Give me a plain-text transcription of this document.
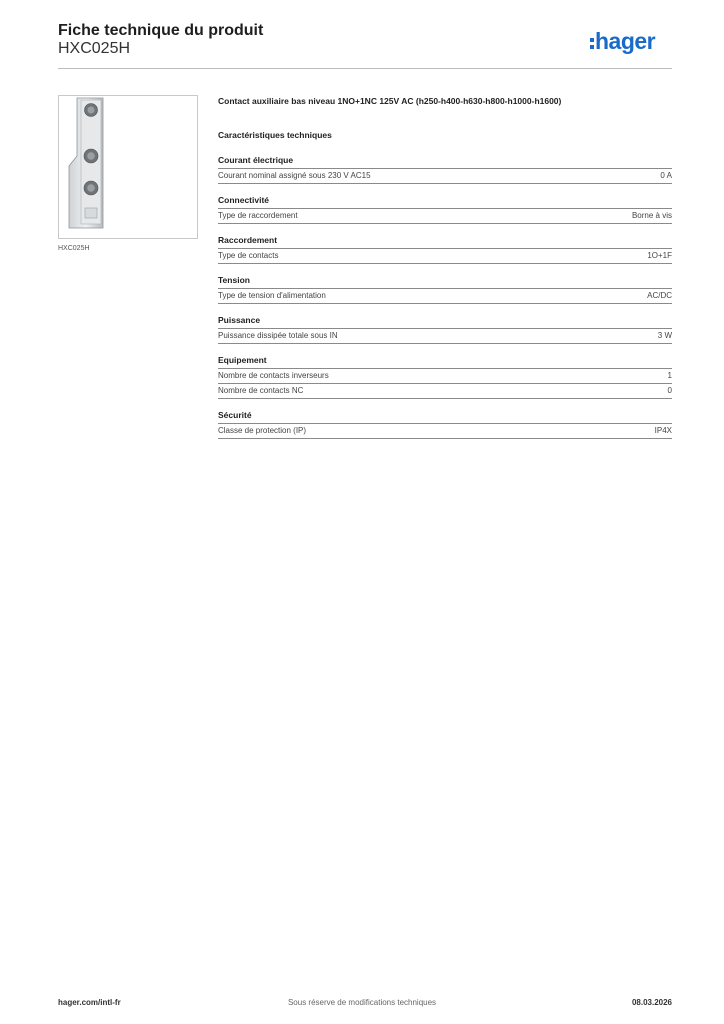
Fiche technique du produit
HXC025H	hager
HXC025H
Contact auxiliaire bas niveau 1NO+1NC 125V AC (h250-h400-h630-h800-h1000-h1600)
Caractéristiques techniques
Courant électrique
Courant nominal assigné sous 230 V AC15	0 A
Connectivité
Type de raccordement	Borne à vis
Raccordement
Type de contacts	1O+1F
Tension
Type de tension d'alimentation	AC/DC
Puissance
Puissance dissipée totale sous IN	3 W
Equipement
Nombre de contacts inverseurs	1
Nombre de contacts NC	0
Sécurité
Classe de protection (IP)	IP4X
hager.com/intl-fr	Sous réserve de modifications techniques	08.03.2026
